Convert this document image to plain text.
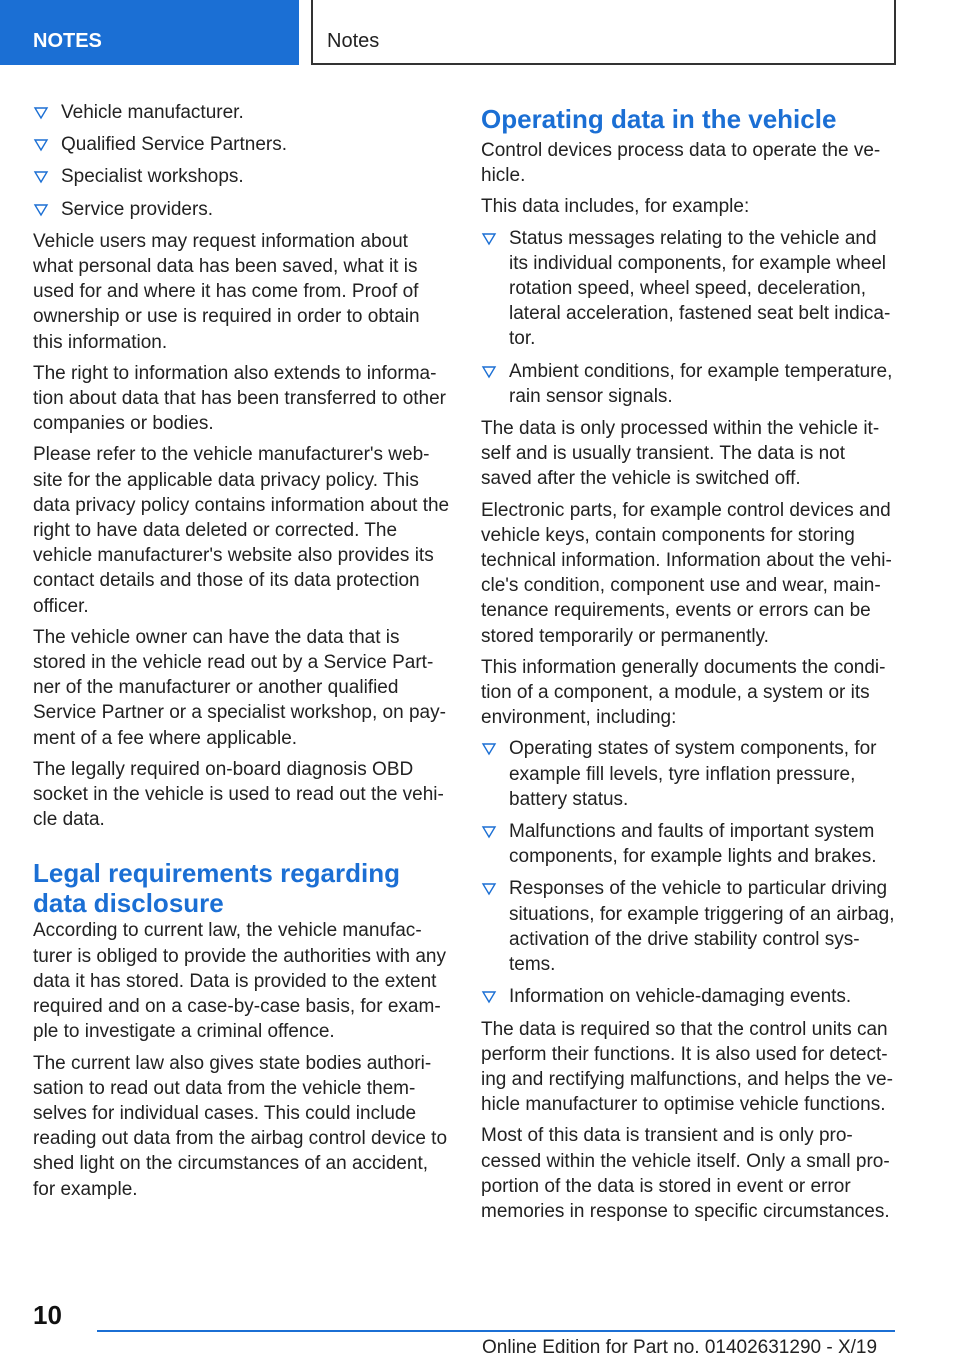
NOTES	Notes
Vehicle manufacturer.
Qualified Service Partners.
Specialist workshops.
Service providers.

Vehicle users may request information about what personal data has been saved, what it is used for and where it has come from. Proof of ownership or use is required in order to obtain this information.

The right to information also extends to information about data that has been transferred to other companies or bodies.

Please refer to the vehicle manufacturer's website for the applicable data privacy policy. This data privacy policy contains information about the right to have data deleted or corrected. The vehicle manufacturer's website also provides its contact details and those of its data protection officer.

The vehicle owner can have the data that is stored in the vehicle read out by a Service Partner of the manufacturer or another qualified Service Partner or a specialist workshop, on payment of a fee where applicable.

The legally required on-board diagnosis OBD socket in the vehicle is used to read out the vehicle data.

Legal requirements regarding data disclosure

According to current law, the vehicle manufacturer is obliged to provide the authorities with any data it has stored. Data is provided to the extent required and on a case-by-case basis, for example to investigate a criminal offence.

The current law also gives state bodies authorisation to read out data from the vehicle themselves for individual cases. This could include reading out data from the airbag control device to shed light on the circumstances of an accident, for example.

Operating data in the vehicle

Control devices process data to operate the vehicle.

This data includes, for example:

Status messages relating to the vehicle and its individual components, for example wheel rotation speed, wheel speed, deceleration, lateral acceleration, fastened seat belt indicator.
Ambient conditions, for example temperature, rain sensor signals.

The data is only processed within the vehicle itself and is usually transient. The data is not saved after the vehicle is switched off.

Electronic parts, for example control devices and vehicle keys, contain components for storing technical information. Information about the vehicle's condition, component use and wear, maintenance requirements, events or errors can be stored temporarily or permanently.

This information generally documents the condition of a component, a module, a system or its environment, including:

Operating states of system components, for example fill levels, tyre inflation pressure, battery status.
Malfunctions and faults of important system components, for example lights and brakes.
Responses of the vehicle to particular driving situations, for example triggering of an airbag, activation of the drive stability control systems.
Information on vehicle-damaging events.

The data is required so that the control units can perform their functions. It is also used for detecting and rectifying malfunctions, and helps the vehicle manufacturer to optimise vehicle functions.

Most of this data is transient and is only processed within the vehicle itself. Only a small proportion of the data is stored in event or error memories in response to specific circumstances.

10
Online Edition for Part no. 01402631290 - X/19
